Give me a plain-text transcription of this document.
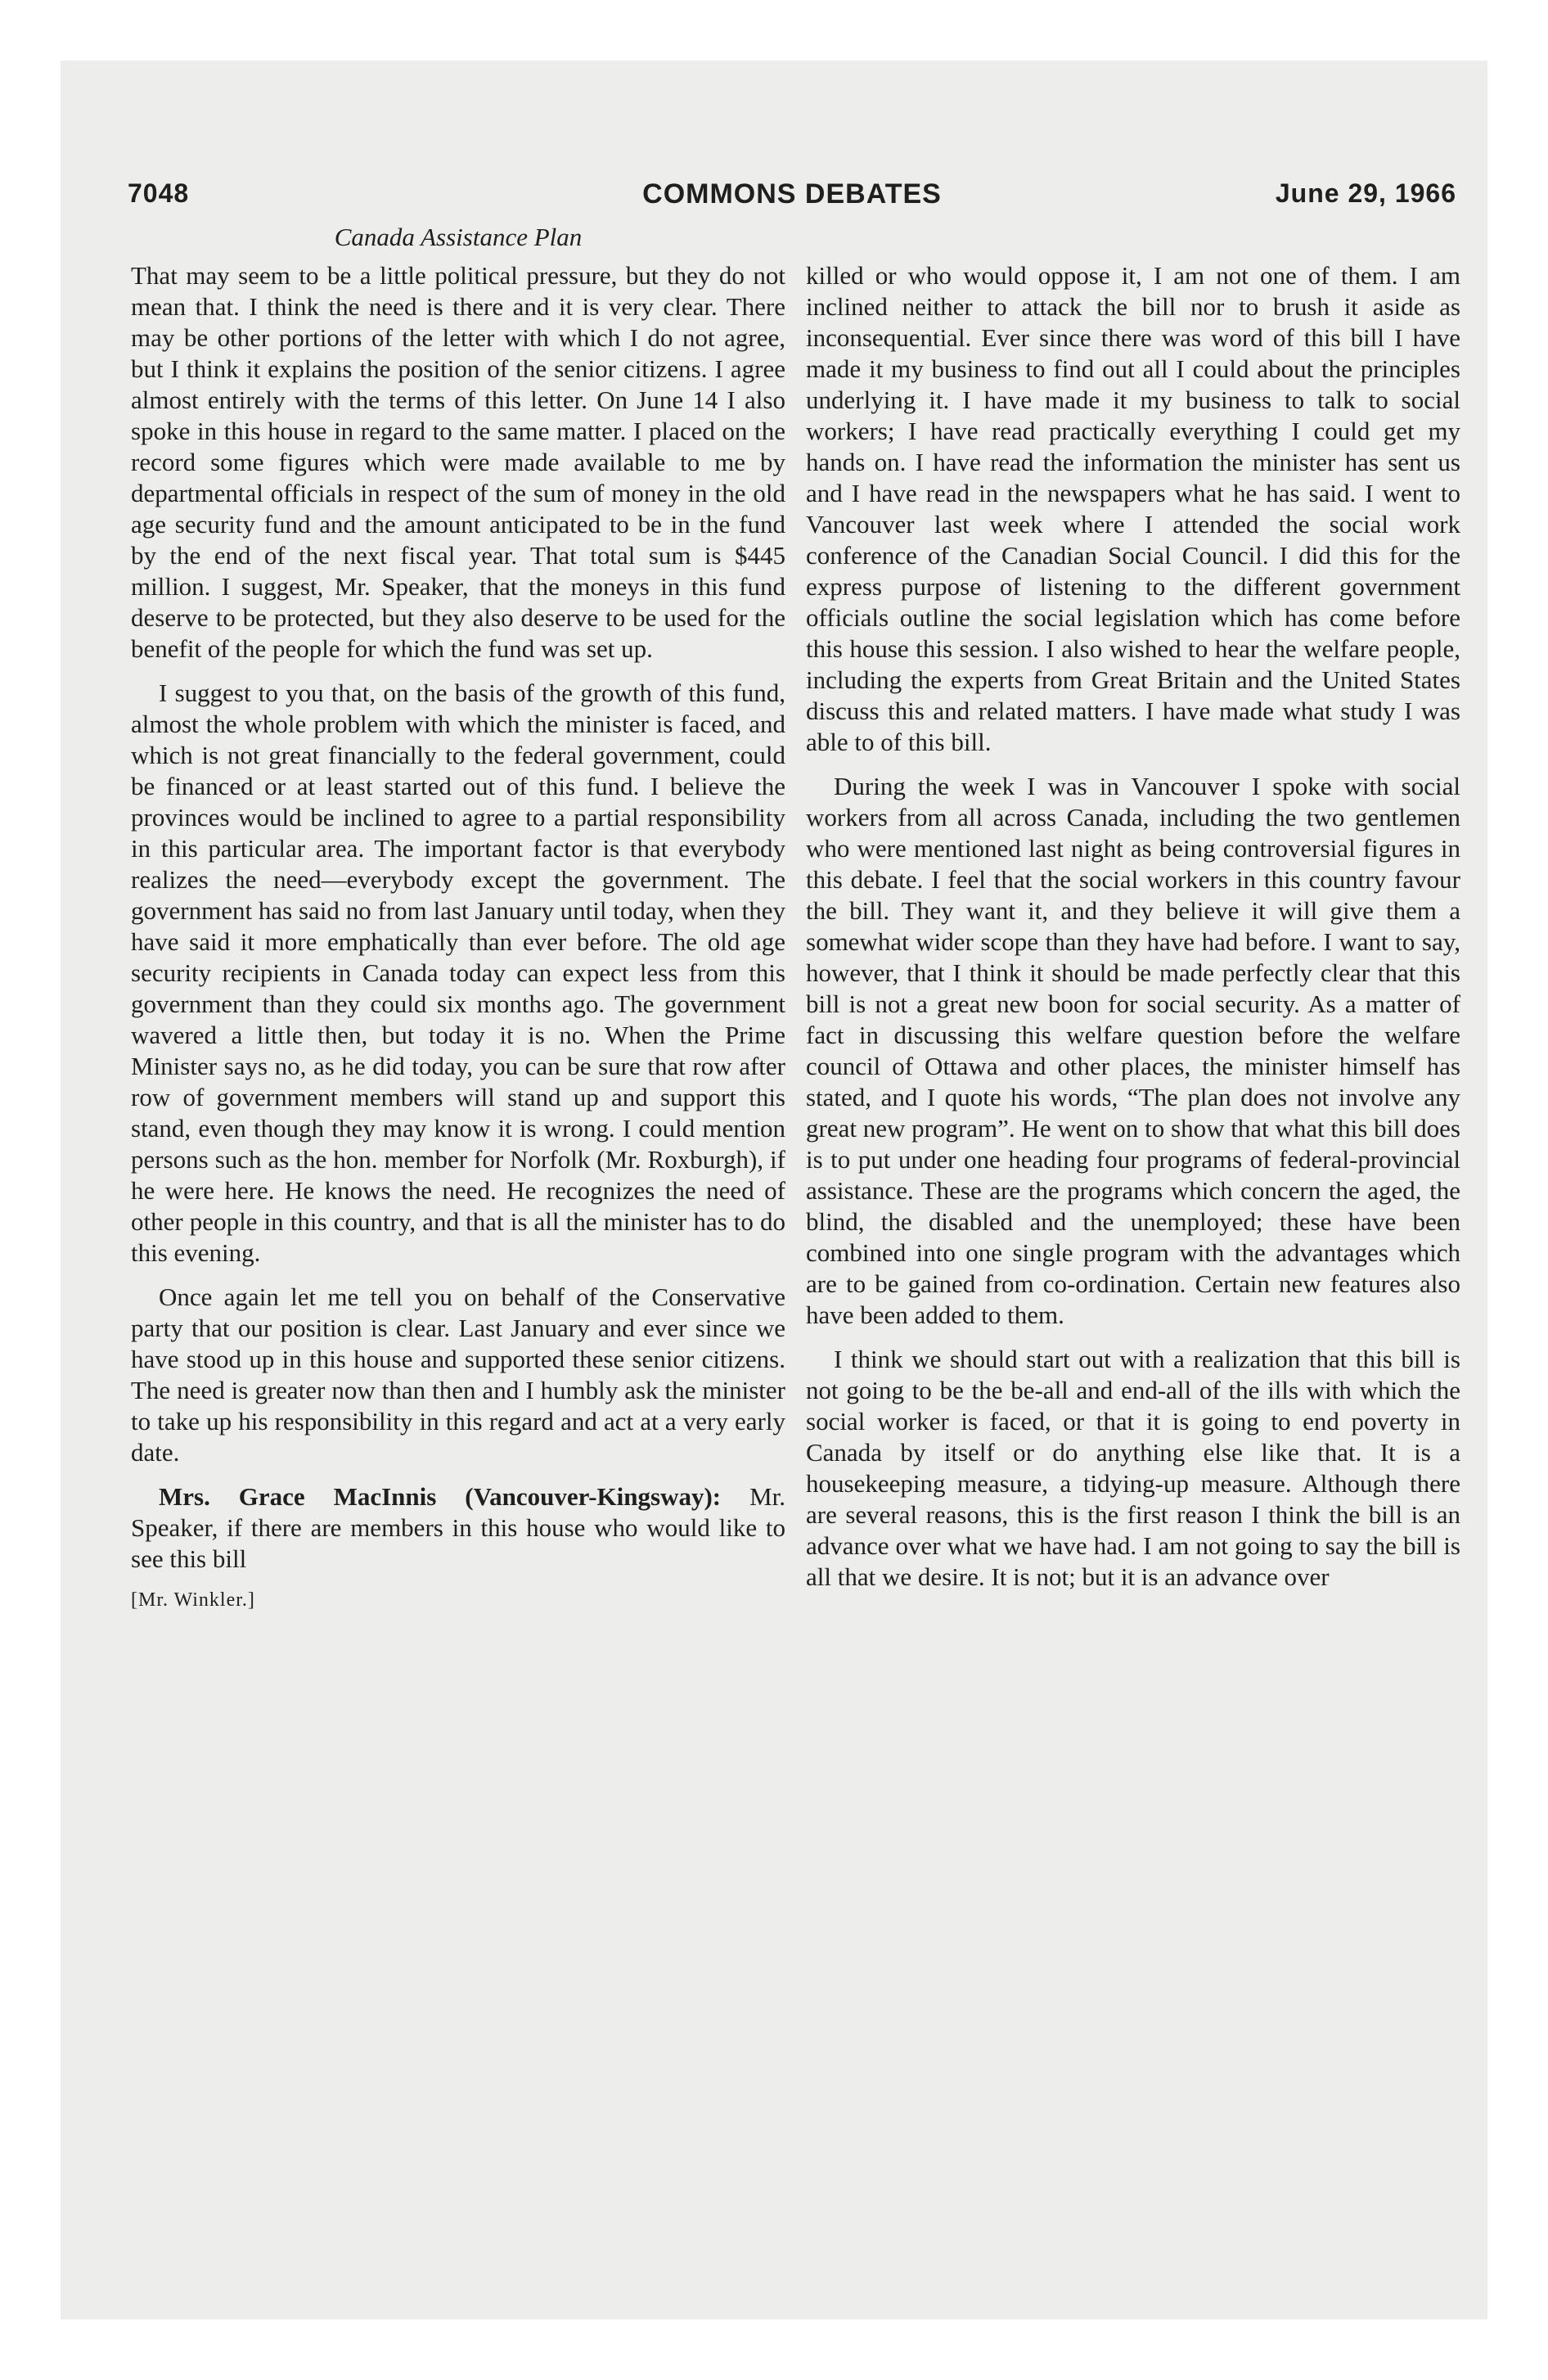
7048	COMMONS DEBATES	June 29, 1966
Canada Assistance Plan

That may seem to be a little political pressure, but they do not mean that. I think the need is there and it is very clear. There may be other portions of the letter with which I do not agree, but I think it explains the position of the senior citizens. I agree almost entirely with the terms of this letter. On June 14 I also spoke in this house in regard to the same matter. I placed on the record some figures which were made available to me by departmental officials in respect of the sum of money in the old age security fund and the amount anticipated to be in the fund by the end of the next fiscal year. That total sum is $445 million. I suggest, Mr. Speaker, that the moneys in this fund deserve to be protected, but they also deserve to be used for the benefit of the people for which the fund was set up.

I suggest to you that, on the basis of the growth of this fund, almost the whole problem with which the minister is faced, and which is not great financially to the federal government, could be financed or at least started out of this fund. I believe the provinces would be inclined to agree to a partial responsibility in this particular area. The important factor is that everybody realizes the need—everybody except the government. The government has said no from last January until today, when they have said it more emphatically than ever before. The old age security recipients in Canada today can expect less from this government than they could six months ago. The government wavered a little then, but today it is no. When the Prime Minister says no, as he did today, you can be sure that row after row of government members will stand up and support this stand, even though they may know it is wrong. I could mention persons such as the hon. member for Norfolk (Mr. Roxburgh), if he were here. He knows the need. He recognizes the need of other people in this country, and that is all the minister has to do this evening.

Once again let me tell you on behalf of the Conservative party that our position is clear. Last January and ever since we have stood up in this house and supported these senior citizens. The need is greater now than then and I humbly ask the minister to take up his responsibility in this regard and act at a very early date.

Mrs. Grace MacInnis (Vancouver-Kingsway): Mr. Speaker, if there are members in this house who would like to see this bill

[Mr. Winkler.]

killed or who would oppose it, I am not one of them. I am inclined neither to attack the bill nor to brush it aside as inconsequential. Ever since there was word of this bill I have made it my business to find out all I could about the principles underlying it. I have made it my business to talk to social workers; I have read practically everything I could get my hands on. I have read the information the minister has sent us and I have read in the newspapers what he has said. I went to Vancouver last week where I attended the social work conference of the Canadian Social Council. I did this for the express purpose of listening to the different government officials outline the social legislation which has come before this house this session. I also wished to hear the welfare people, including the experts from Great Britain and the United States discuss this and related matters. I have made what study I was able to of this bill.

During the week I was in Vancouver I spoke with social workers from all across Canada, including the two gentlemen who were mentioned last night as being controversial figures in this debate. I feel that the social workers in this country favour the bill. They want it, and they believe it will give them a somewhat wider scope than they have had before. I want to say, however, that I think it should be made perfectly clear that this bill is not a great new boon for social security. As a matter of fact in discussing this welfare question before the welfare council of Ottawa and other places, the minister himself has stated, and I quote his words, “The plan does not involve any great new program”. He went on to show that what this bill does is to put under one heading four programs of federal-provincial assistance. These are the programs which concern the aged, the blind, the disabled and the unemployed; these have been combined into one single program with the advantages which are to be gained from co-ordination. Certain new features also have been added to them.

I think we should start out with a realization that this bill is not going to be the be-all and end-all of the ills with which the social worker is faced, or that it is going to end poverty in Canada by itself or do anything else like that. It is a housekeeping measure, a tidying-up measure. Although there are several reasons, this is the first reason I think the bill is an advance over what we have had. I am not going to say the bill is all that we desire. It is not; but it is an advance over
